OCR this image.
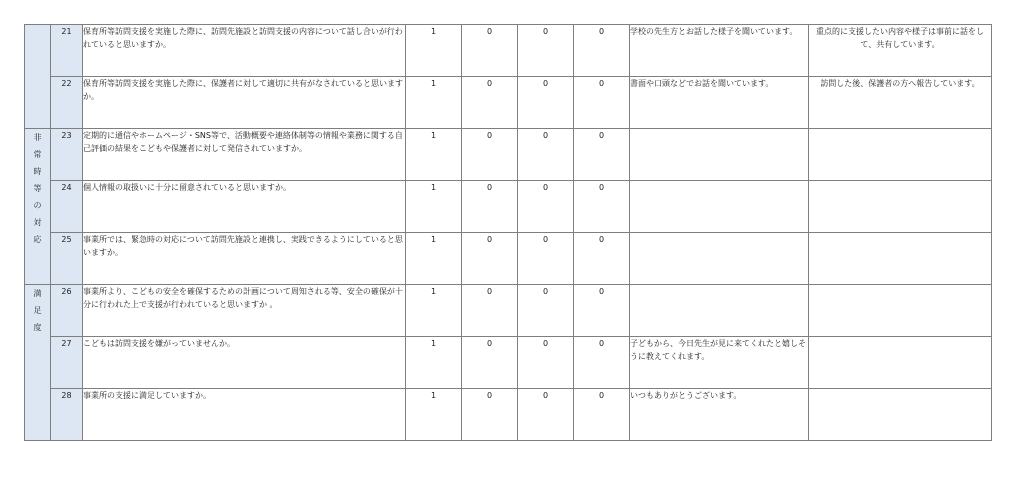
	21	保育所等訪問支援を実施した際に、訪問先施設と訪問支援の内容について話し合いが行われていると思いますか。	1	0	0	0	学校の先生方とお話した様子を聞いています。	重点的に支援したい内容や様子は事前に話をして、共有しています。
	22	保育所等訪問支援を実施した際に、保護者に対して適切に共有がなされていると思いますか。	1	0	0	0	書面や口頭などでお話を聞いています。	訪問した後、保護者の方へ報告しています。
非常時等の対応	23	定期的に通信やホームページ・SNS等で、活動概要や連絡体制等の情報や業務に関する自己評価の結果をこどもや保護者に対して発信されていますか。	1	0	0	0		
	24	個人情報の取扱いに十分に留意されていると思いますか。	1	0	0	0		
	25	事業所では、緊急時の対応について訪問先施設と連携し、実践できるようにしていると思いますか。	1	0	0	0		
満足度	26	事業所より、こどもの安全を確保するための計画について周知される等、安全の確保が十分に行われた上で支援が行われていると思いますか 。	1	0	0	0		
	27	こどもは訪問支援を嫌がっていませんか。	1	0	0	0	子どもから、今日先生が見に来てくれたと嬉しそうに教えてくれます。	
	28	事業所の支援に満足していますか。	1	0	0	0	いつもありがとうございます。	
